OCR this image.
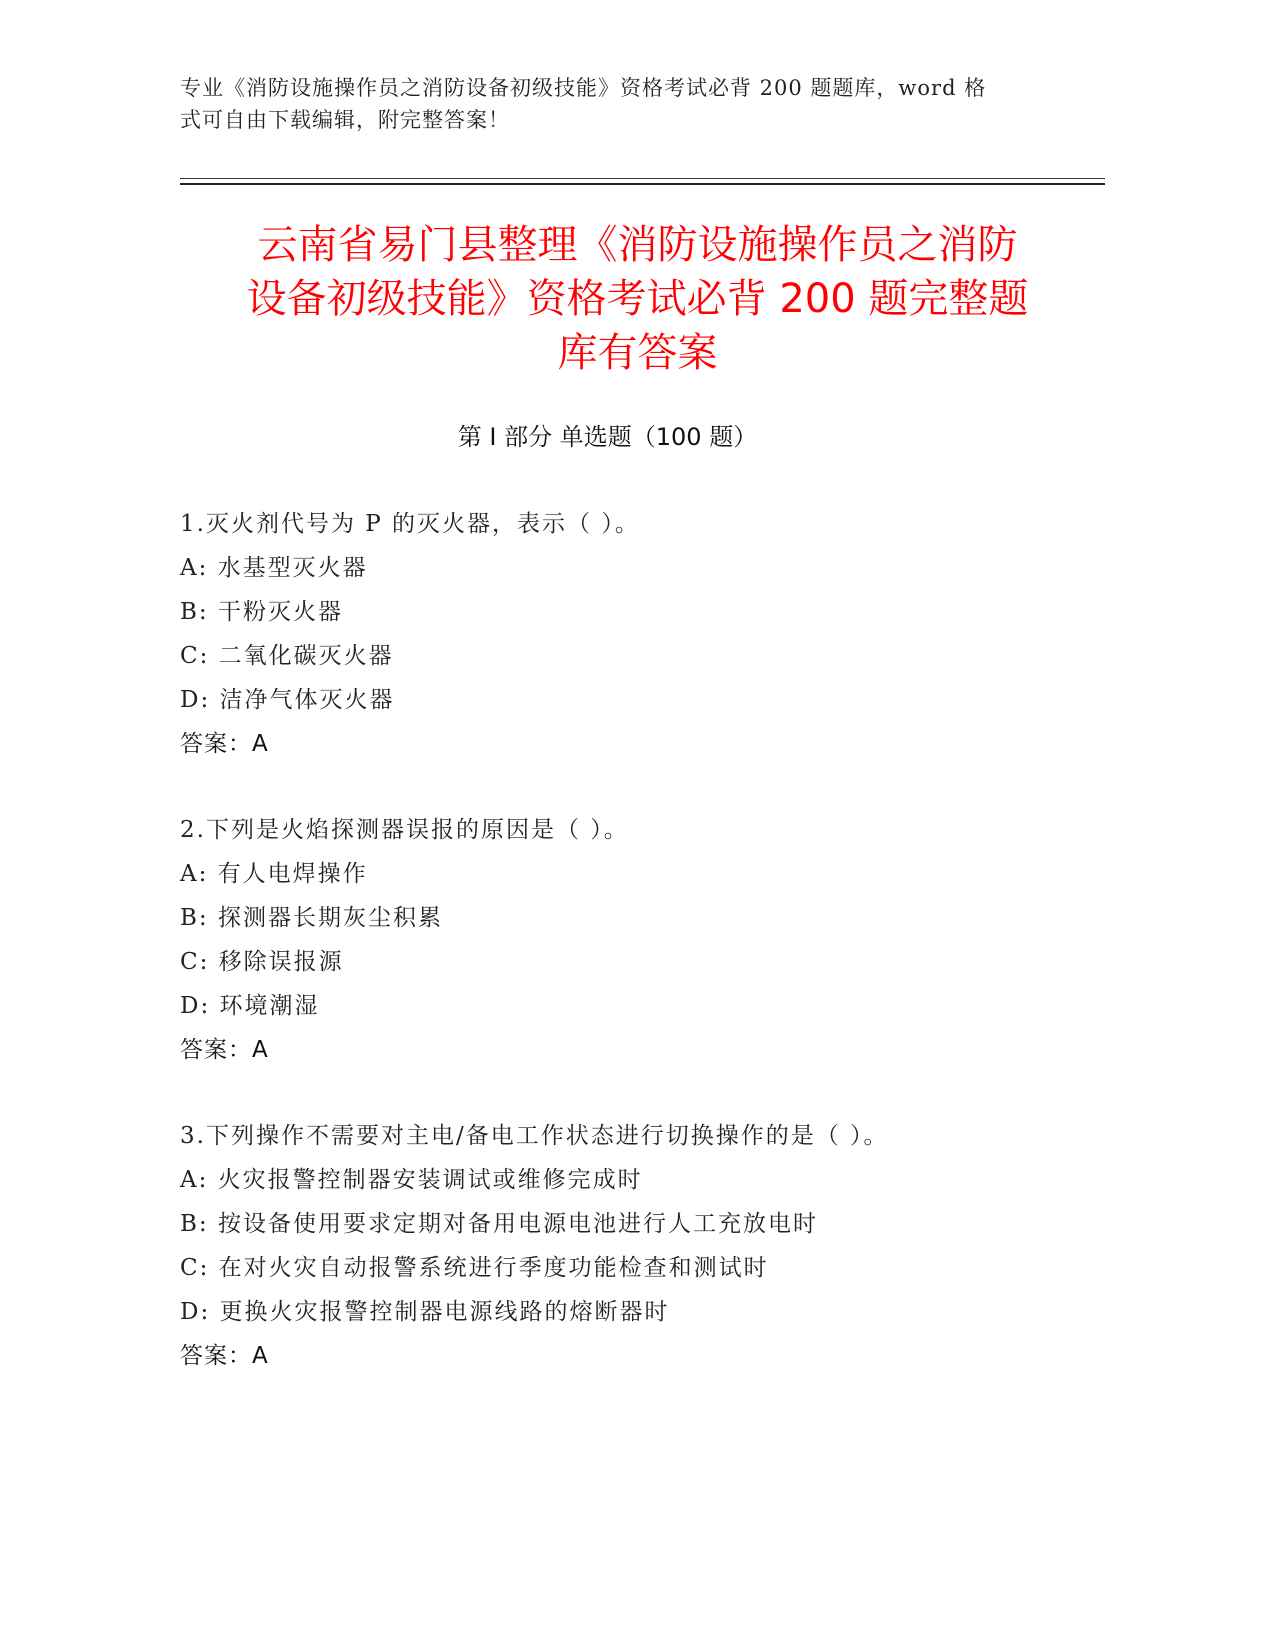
专业《消防设施操作员之消防设备初级技能》资格考试必背 200 题题库，word 格
式可自由下载编辑，附完整答案！
云南省易门县整理《消防设施操作员之消防
设备初级技能》资格考试必背 200 题完整题
库有答案
第 I 部分 单选题（100 题）
1.灭火剂代号为 P 的灭火器，表示（ ）。
A: 水基型灭火器
B: 干粉灭火器
C: 二氧化碳灭火器
D: 洁净气体灭火器
答案：A
2.下列是火焰探测器误报的原因是（ ）。
A: 有人电焊操作
B: 探测器长期灰尘积累
C: 移除误报源
D: 环境潮湿
答案：A
3.下列操作不需要对主电/备电工作状态进行切换操作的是（ ）。
A: 火灾报警控制器安装调试或维修完成时
B: 按设备使用要求定期对备用电源电池进行人工充放电时
C: 在对火灾自动报警系统进行季度功能检查和测试时
D: 更换火灾报警控制器电源线路的熔断器时
答案：A
